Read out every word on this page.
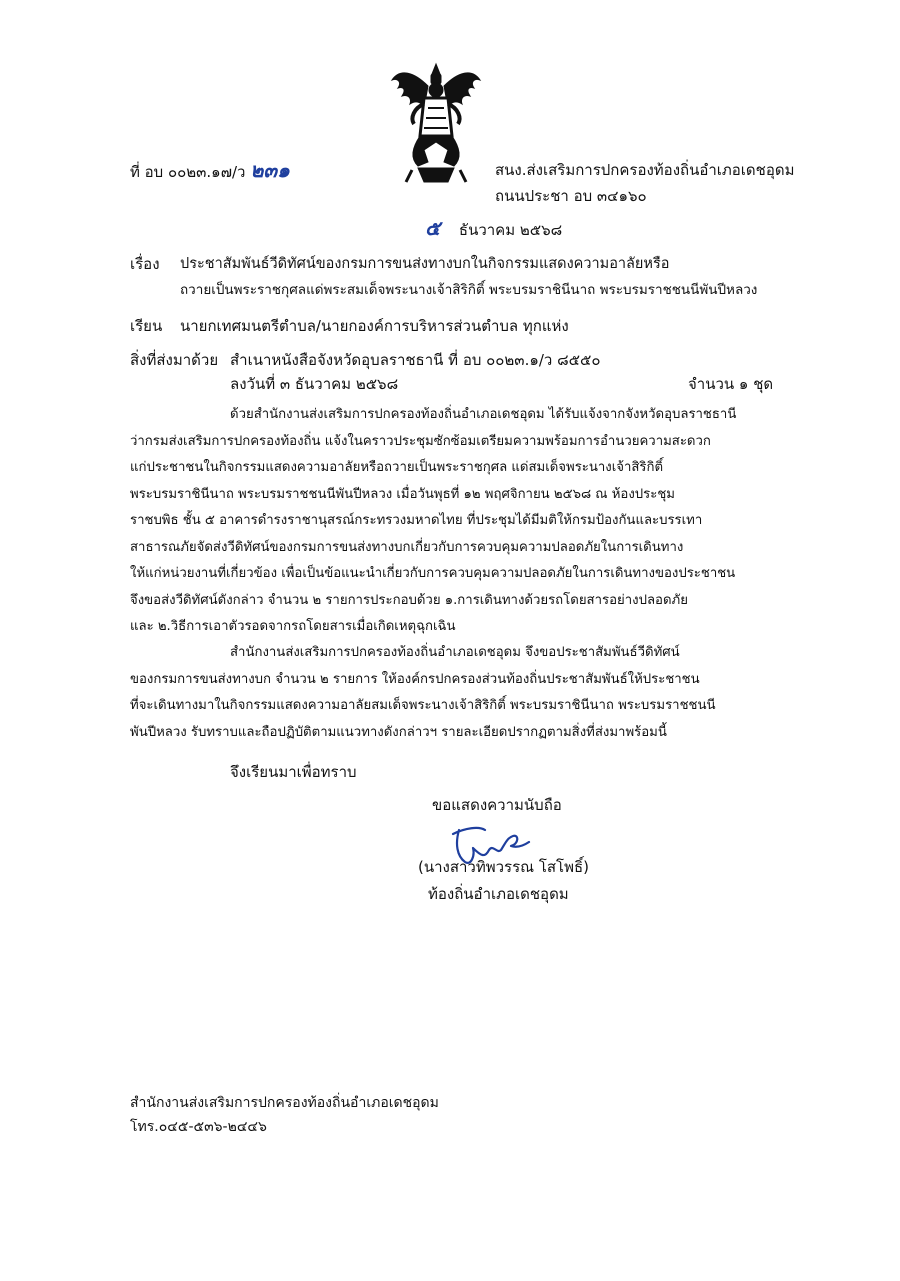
ที่ อบ ๐๐๒๓.๑๗/ว ๒๓๑	สนง.ส่งเสริมการปกครองท้องถิ่นอำเภอเดชอุดม
ถนนประชา อบ ๓๔๑๖๐
๕ ธันวาคม ๒๕๖๘
เรื่อง ประชาสัมพันธ์วีดิทัศน์ของกรมการขนส่งทางบกในกิจกรรมแสดงความอาลัยหรือ
ถวายเป็นพระราชกุศลแด่พระสมเด็จพระนางเจ้าสิริกิติ์ พระบรมราชินีนาถ พระบรมราชชนนีพันปีหลวง
เรียน นายกเทศมนตรีตำบล/นายกองค์การบริหารส่วนตำบล ทุกแห่ง
สิ่งที่ส่งมาด้วย สำเนาหนังสือจังหวัดอุบลราชธานี ที่ อบ ๐๐๒๓.๑/ว ๘๕๕๐
ลงวันที่ ๓ ธันวาคม ๒๕๖๘	จำนวน ๑ ชุด
ด้วยสำนักงานส่งเสริมการปกครองท้องถิ่นอำเภอเดชอุดม ได้รับแจ้งจากจังหวัดอุบลราชธานี
ว่ากรมส่งเสริมการปกครองท้องถิ่น แจ้งในคราวประชุมซักซ้อมเตรียมความพร้อมการอำนวยความสะดวก
แก่ประชาชนในกิจกรรมแสดงความอาลัยหรือถวายเป็นพระราชกุศล แด่สมเด็จพระนางเจ้าสิริกิติ์
พระบรมราชินีนาถ พระบรมราชชนนีพันปีหลวง เมื่อวันพุธที่ ๑๒ พฤศจิกายน ๒๕๖๘ ณ ห้องประชุม
ราชบพิธ ชั้น ๕ อาคารดำรงราชานุสรณ์กระทรวงมหาดไทย ที่ประชุมได้มีมติให้กรมป้องกันและบรรเทา
สาธารณภัยจัดส่งวีดิทัศน์ของกรมการขนส่งทางบกเกี่ยวกับการควบคุมความปลอดภัยในการเดินทาง
ให้แก่หน่วยงานที่เกี่ยวข้อง เพื่อเป็นข้อแนะนำเกี่ยวกับการควบคุมความปลอดภัยในการเดินทางของประชาชน
จึงขอส่งวีดิทัศน์ดังกล่าว จำนวน ๒ รายการประกอบด้วย ๑.การเดินทางด้วยรถโดยสารอย่างปลอดภัย
และ ๒.วิธีการเอาตัวรอดจากรถโดยสารเมื่อเกิดเหตุฉุกเฉิน
สำนักงานส่งเสริมการปกครองท้องถิ่นอำเภอเดชอุดม จึงขอประชาสัมพันธ์วีดิทัศน์
ของกรมการขนส่งทางบก จำนวน ๒ รายการ ให้องค์กรปกครองส่วนท้องถิ่นประชาสัมพันธ์ให้ประชาชน
ที่จะเดินทางมาในกิจกรรมแสดงความอาลัยสมเด็จพระนางเจ้าสิริกิติ์ พระบรมราชินีนาถ พระบรมราชชนนี
พันปีหลวง รับทราบและถือปฏิบัติตามแนวทางดังกล่าวฯ รายละเอียดปรากฏตามสิ่งที่ส่งมาพร้อมนี้
จึงเรียนมาเพื่อทราบ
ขอแสดงความนับถือ
(นางสาวทิพวรรณ โสโพธิ์)
ท้องถิ่นอำเภอเดชอุดม
สำนักงานส่งเสริมการปกครองท้องถิ่นอำเภอเดชอุดม
โทร.๐๔๕-๕๓๖-๒๔๔๖
